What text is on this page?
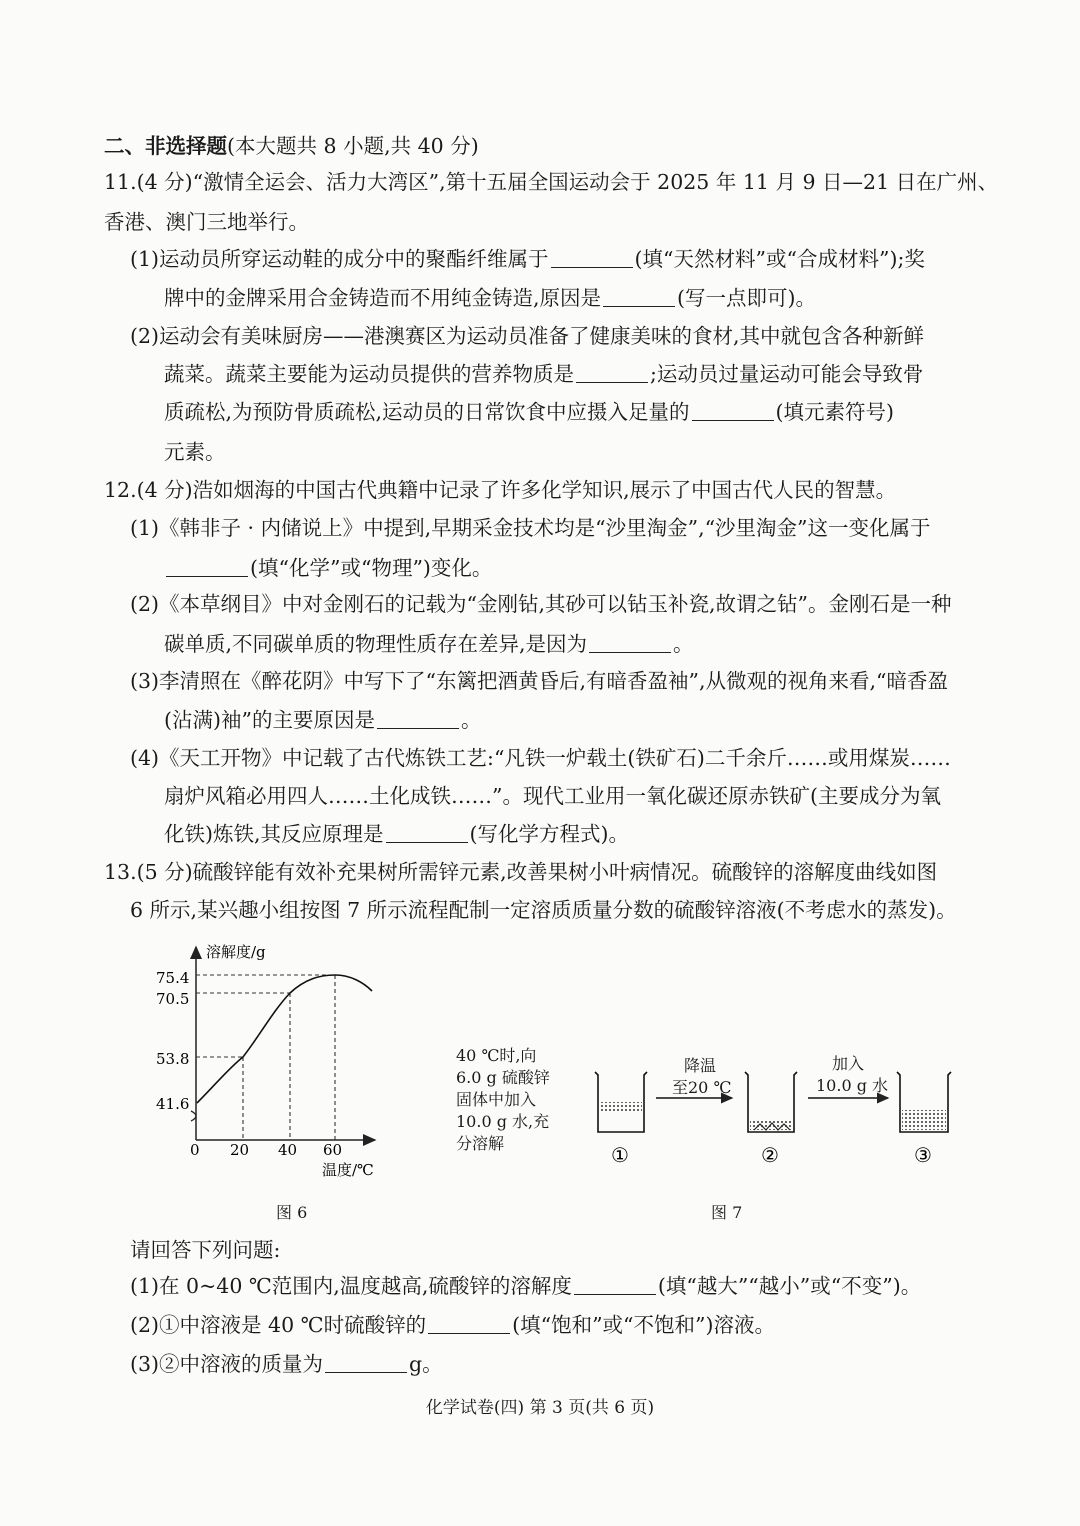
二、非选择题(本大题共 8 小题,共 40 分)
11.(4 分)“激情全运会、活力大湾区”,第十五届全国运动会于 2025 年 11 月 9 日—21 日在广州、
香港、澳门三地举行。
(1)运动员所穿运动鞋的成分中的聚酯纤维属于	(填“天然材料”或“合成材料”);奖
牌中的金牌采用合金铸造而不用纯金铸造,原因是	(写一点即可)。
(2)运动会有美味厨房——港澳赛区为运动员准备了健康美味的食材,其中就包含各种新鲜
蔬菜。蔬菜主要能为运动员提供的营养物质是	;运动员过量运动可能会导致骨
质疏松,为预防骨质疏松,运动员的日常饮食中应摄入足量的	(填元素符号)
元素。
12.(4 分)浩如烟海的中国古代典籍中记录了许多化学知识,展示了中国古代人民的智慧。
(1)《韩非子 · 内储说上》中提到,早期采金技术均是“沙里淘金”,“沙里淘金”这一变化属于
(填“化学”或“物理”)变化。
(2)《本草纲目》中对金刚石的记载为“金刚钻,其砂可以钻玉补瓷,故谓之钻”。金刚石是一种
碳单质,不同碳单质的物理性质存在差异,是因为	。
(3)李清照在《醉花阴》中写下了“东篱把酒黄昏后,有暗香盈袖”,从微观的视角来看,“暗香盈
(沾满)袖”的主要原因是	。
(4)《天工开物》中记载了古代炼铁工艺:“凡铁一炉载土(铁矿石)二千余斤……或用煤炭……
扇炉风箱必用四人……土化成铁……”。现代工业用一氧化碳还原赤铁矿(主要成分为氧
化铁)炼铁,其反应原理是	(写化学方程式)。
13.(5 分)硫酸锌能有效补充果树所需锌元素,改善果树小叶病情况。硫酸锌的溶解度曲线如图
6 所示,某兴趣小组按图 7 所示流程配制一定溶质质量分数的硫酸锌溶液(不考虑水的蒸发)。
溶解度/g
温度/℃
0 20 40 60
75.4
70.5
53.8
41.6
图 6
40 ℃时,向
6.0 g 硫酸锌
固体中加入
10.0 g 水,充
分溶解
降温
至20 ℃
加入
10.0 g 水
①	②	③
图 7
请回答下列问题:
(1)在 0~40 ℃范围内,温度越高,硫酸锌的溶解度	(填“越大”“越小”或“不变”)。
(2)①中溶液是 40 ℃时硫酸锌的	(填“饱和”或“不饱和”)溶液。
(3)②中溶液的质量为	g。
化学试卷(四) 第 3 页(共 6 页)
